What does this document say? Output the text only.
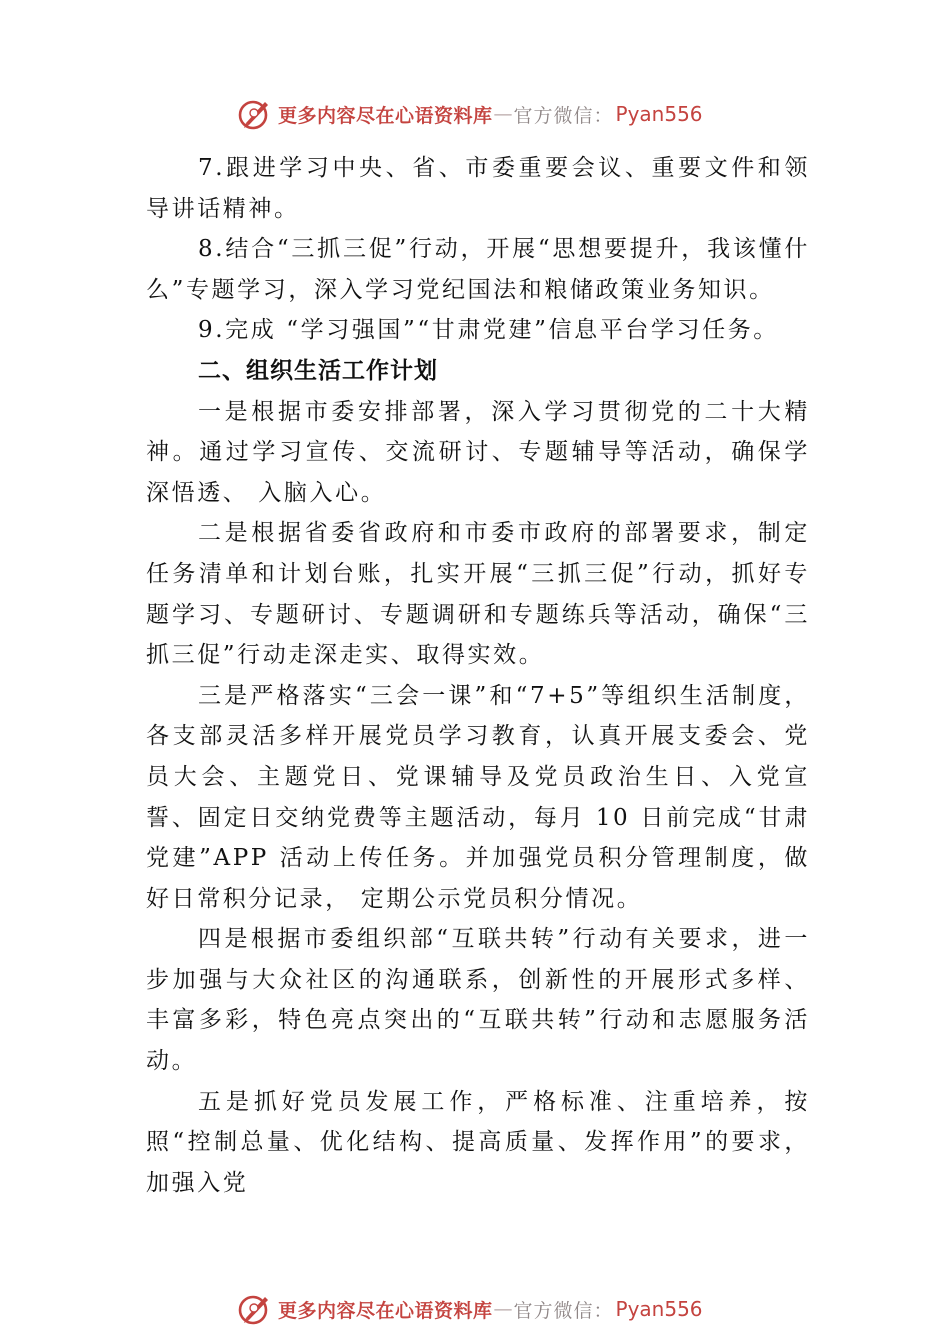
更多内容尽在心语资料库 — 官方微信： Pyan556

7.跟进学习中央、省、市委重要会议、重要文件和领导讲话精神。

8.结合“三抓三促”行动，开展“思想要提升，我该懂什么”专题学习，深入学习党纪国法和粮储政策业务知识。

9.完成 “学习强国”“甘肃党建”信息平台学习任务。

二、组织生活工作计划

一是根据市委安排部署，深入学习贯彻党的二十大精神。通过学习宣传、交流研讨、专题辅导等活动，确保学深悟透、 入脑入心。

二是根据省委省政府和市委市政府的部署要求，制定任务清单和计划台账，扎实开展“三抓三促”行动，抓好专题学习、专题研讨、专题调研和专题练兵等活动，确保“三抓三促”行动走深走实、取得实效。

三是严格落实“三会一课”和“7+5”等组织生活制度，各支部灵活多样开展党员学习教育，认真开展支委会、党员大会、主题党日、党课辅导及党员政治生日、入党宣誓、固定日交纳党费等主题活动，每月 10 日前完成“甘肃党建”APP 活动上传任务。并加强党员积分管理制度，做好日常积分记录， 定期公示党员积分情况。

四是根据市委组织部“互联共转”行动有关要求，进一步加强与大众社区的沟通联系，创新性的开展形式多样、丰富多彩，特色亮点突出的“互联共转”行动和志愿服务活动。

五是抓好党员发展工作，严格标准、注重培养，按照“控制总量、优化结构、提高质量、发挥作用”的要求，加强入党

更多内容尽在心语资料库 — 官方微信： Pyan556
